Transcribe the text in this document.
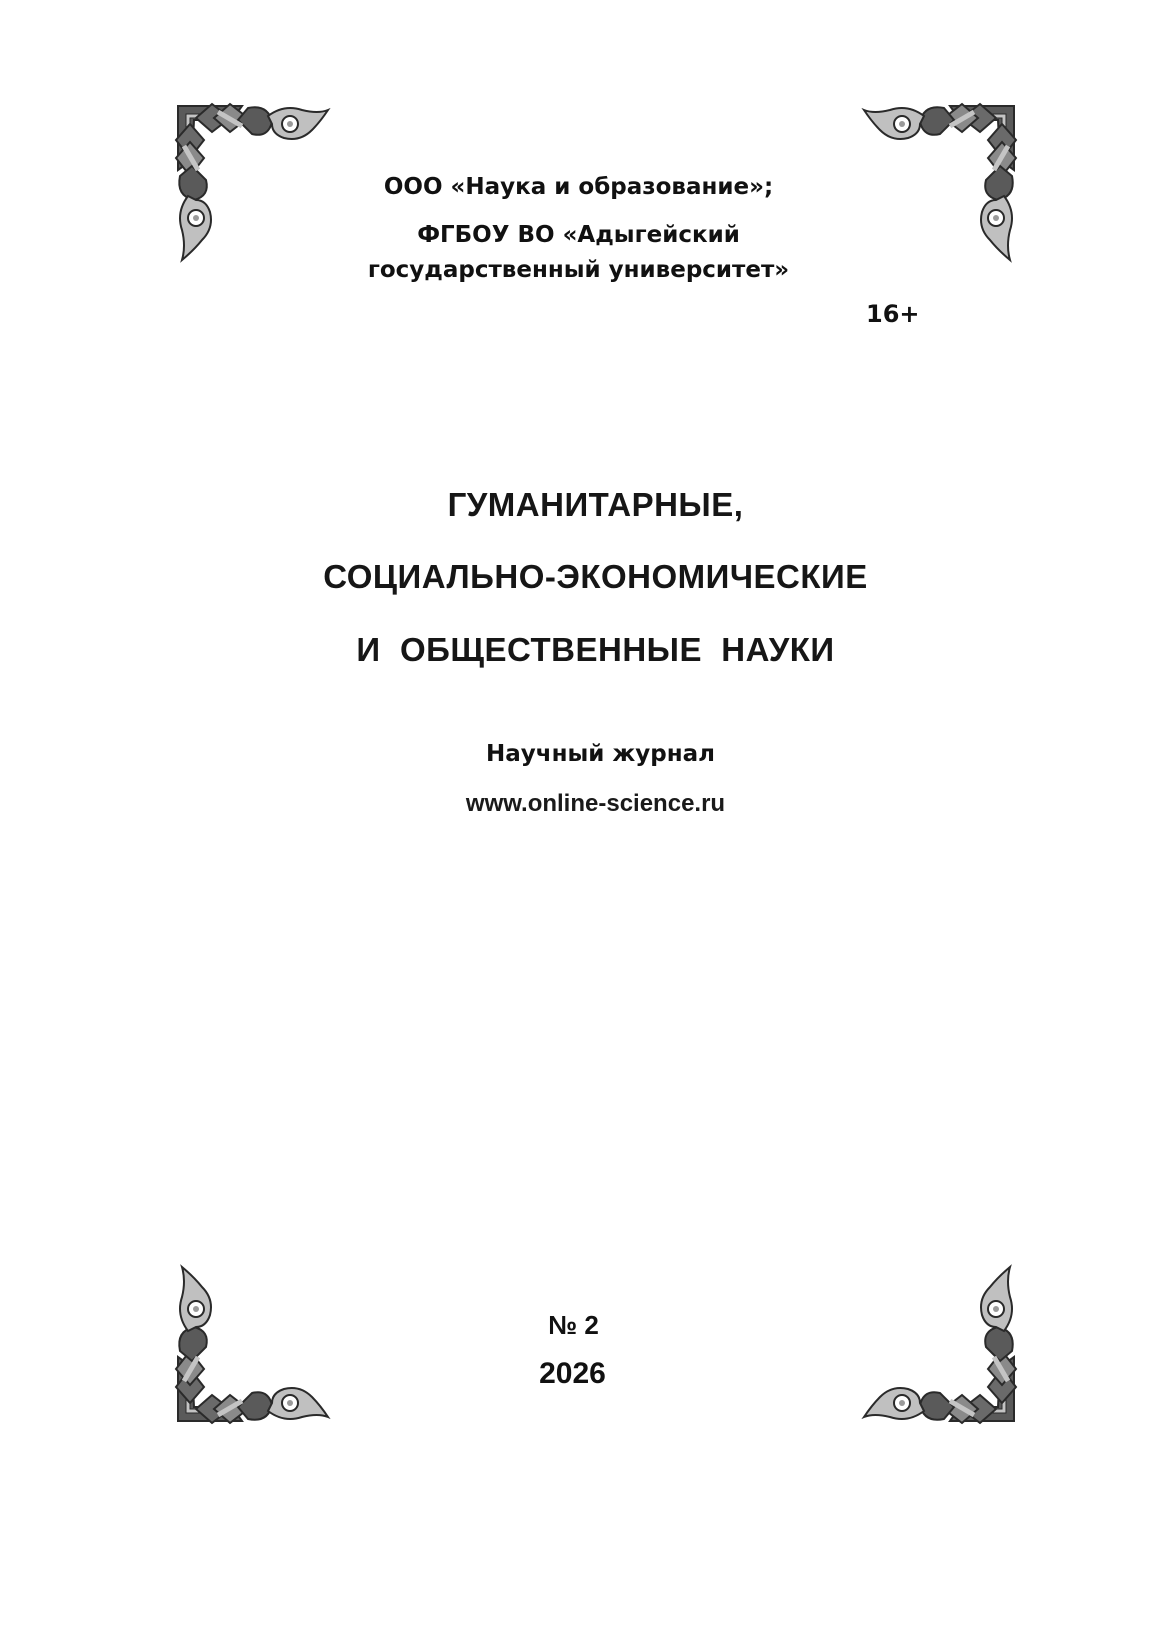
ООО «Наука и образование»;
ФГБОУ ВО «Адыгейский
государственный университет»
16+
ГУМАНИТАРНЫЕ,
СОЦИАЛЬНО-ЭКОНОМИЧЕСКИЕ
И  ОБЩЕСТВЕННЫЕ  НАУКИ
Научный журнал
www.online-science.ru
№ 2
2026
